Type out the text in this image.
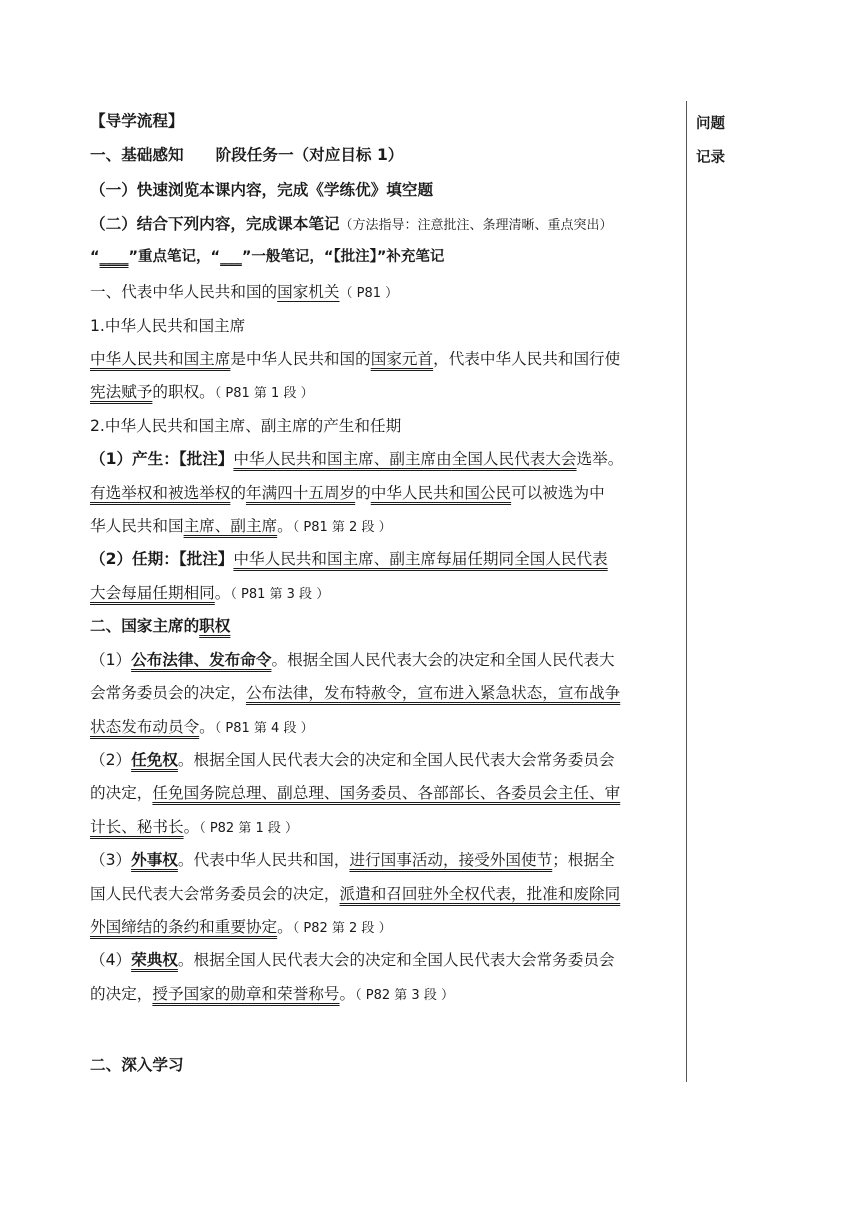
问题
记录
【导学流程】
一、基础感知 阶段任务一（对应目标 1）
（一）快速浏览本课内容，完成《学练优》填空题
（二）结合下列内容，完成课本笔记（方法指导：注意批注、条理清晰、重点突出）
“____”重点笔记，“___”一般笔记，“【批注】”补充笔记
一、代表中华人民共和国的国家机关（ P81 ）
1.中华人民共和国主席
中华人民共和国主席是中华人民共和国的国家元首，代表中华人民共和国行使
宪法赋予的职权。（ P81 第 1 段 ）
2.中华人民共和国主席、副主席的产生和任期
（1）产生：【批注】中华人民共和国主席、副主席由全国人民代表大会选举。
有选举权和被选举权的年满四十五周岁的中华人民共和国公民可以被选为中
华人民共和国主席、副主席。（ P81 第 2 段 ）
（2）任期：【批注】中华人民共和国主席、副主席每届任期同全国人民代表
大会每届任期相同。（ P81 第 3 段 ）
二、国家主席的职权
（1）公布法律、发布命令。根据全国人民代表大会的决定和全国人民代表大
会常务委员会的决定，公布法律，发布特赦令，宣布进入紧急状态，宣布战争
状态发布动员令。（ P81 第 4 段 ）
（2）任免权。根据全国人民代表大会的决定和全国人民代表大会常务委员会
的决定，任免国务院总理、副总理、国务委员、各部部长、各委员会主任、审
计长、秘书长。（ P82 第 1 段 ）
（3）外事权。代表中华人民共和国，进行国事活动，接受外国使节；根据全
国人民代表大会常务委员会的决定，派遣和召回驻外全权代表，批准和废除同
外国缔结的条约和重要协定。（ P82 第 2 段 ）
（4）荣典权。根据全国人民代表大会的决定和全国人民代表大会常务委员会
的决定，授予国家的勋章和荣誉称号。（ P82 第 3 段 ）
二、深入学习
